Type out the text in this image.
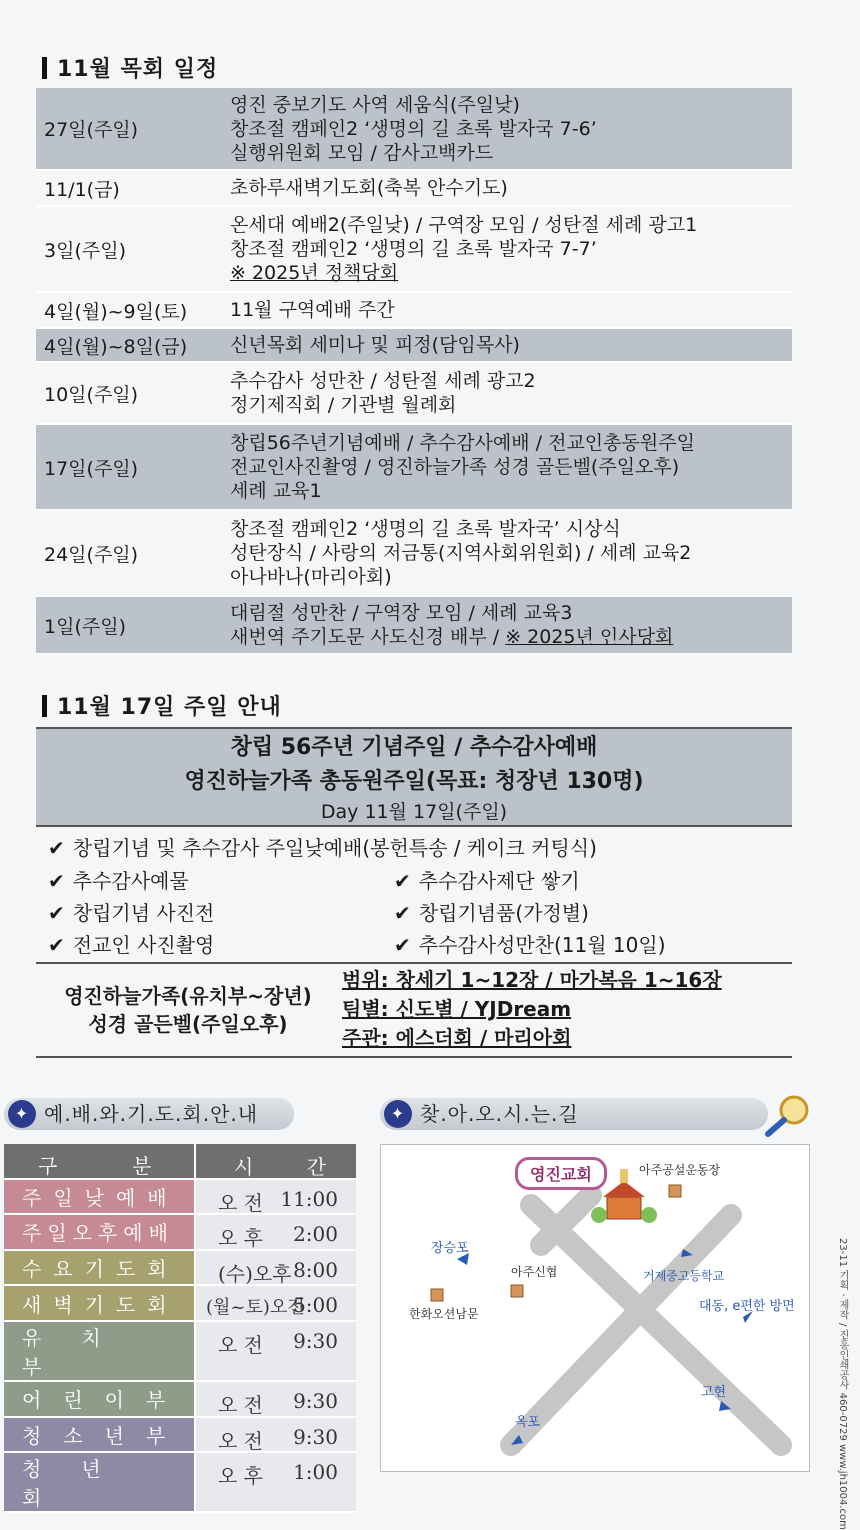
11월 목회 일정
27일(주일)	영진 중보기도 사역 세움식(주일낮)
창조절 캠페인2 ‘생명의 길 초록 발자국 7-6’
실행위원회 모임 / 감사고백카드

11/1(금)	초하루새벽기도회(축복 안수기도)

3일(주일)	온세대 예배2(주일낮) / 구역장 모임 / 성탄절 세례 광고1
창조절 캠페인2 ‘생명의 길 초록 발자국 7-7’
※ 2025년 정책당회

4일(월)~9일(토)	11월 구역예배 주간

4일(월)~8일(금)	신년목회 세미나 및 피정(담임목사)

10일(주일)	추수감사 성만찬 / 성탄절 세례 광고2
정기제직회 / 기관별 월례회

17일(주일)	창립56주년기념예배 / 추수감사예배 / 전교인총동원주일
전교인사진촬영 / 영진하늘가족 성경 골든벨(주일오후)
세례 교육1

24일(주일)	창조절 캠페인2 ‘생명의 길 초록 발자국’ 시상식
성탄장식 / 사랑의 저금통(지역사회위원회) / 세례 교육2
아나바나(마리아회)

1일(주일)	대림절 성만찬 / 구역장 모임 / 세례 교육3
새번역 주기도문 사도신경 배부 / ※ 2025년 인사당회
11월 17일 주일 안내
창립 56주년 기념주일 / 추수감사예배
영진하늘가족 총동원주일(목표: 청장년 130명)
Day 11월 17일(주일)
✔ 창립기념 및 추수감사 주일낮예배(봉헌특송 / 케이크 커팅식)
✔ 추수감사예물
✔ 창립기념 사진전
✔ 전교인 사진촬영
✔ 추수감사제단 쌓기
✔ 창립기념품(가정별)
✔ 추수감사성만찬(11월 10일)
영진하늘가족(유치부~장년)
성경 골든벨(주일오후)
범위: 창세기 1~12장 / 마가복음 1~16장
팀별: 신도별 / YJDream
주관: 에스더회 / 마리아회
✦ 예.배.와.기.도.회.안.내
구 분	시 간

주일낮예배	오 전 11:00

주일오후예배	오 후 2:00

수요기도회	(수)오후 8:00

새벽기도회	(월~토)오전
5:00

유치부	오 전 9:30

어린이부	오 전 9:30

청소년부	오 전 9:30

청년회	오 후 1:00
✦ 찾.아.오.시.는.길
영진교회	아주공설운동장
장승포
아주신협	거제중고등학교
한화오션남문	대동, e편한 방면
고현
옥포	23-11 기획 · 제작 / 진흥인쇄공사 460-0729 www.jh1004.com
